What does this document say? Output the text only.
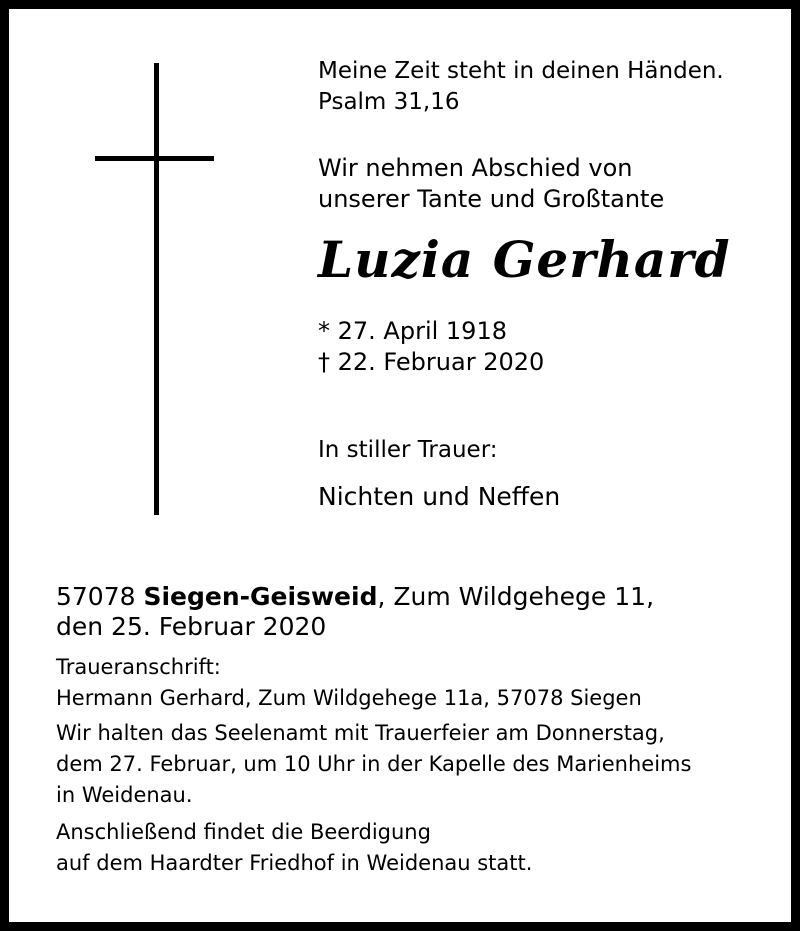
Meine Zeit steht in deinen Händen.
Psalm 31,16
Wir nehmen Abschied von
unserer Tante und Großtante
Luzia Gerhard
* 27. April 1918
† 22. Februar 2020
In stiller Trauer:
Nichten und Neffen
57078 Siegen-Geisweid, Zum Wildgehege 11,
den 25. Februar 2020
Traueranschrift:
Hermann Gerhard, Zum Wildgehege 11a, 57078 Siegen
Wir halten das Seelenamt mit Trauerfeier am Donnerstag,
dem 27. Februar, um 10 Uhr in der Kapelle des Marienheims
in Weidenau.
Anschließend findet die Beerdigung
auf dem Haardter Friedhof in Weidenau statt.
